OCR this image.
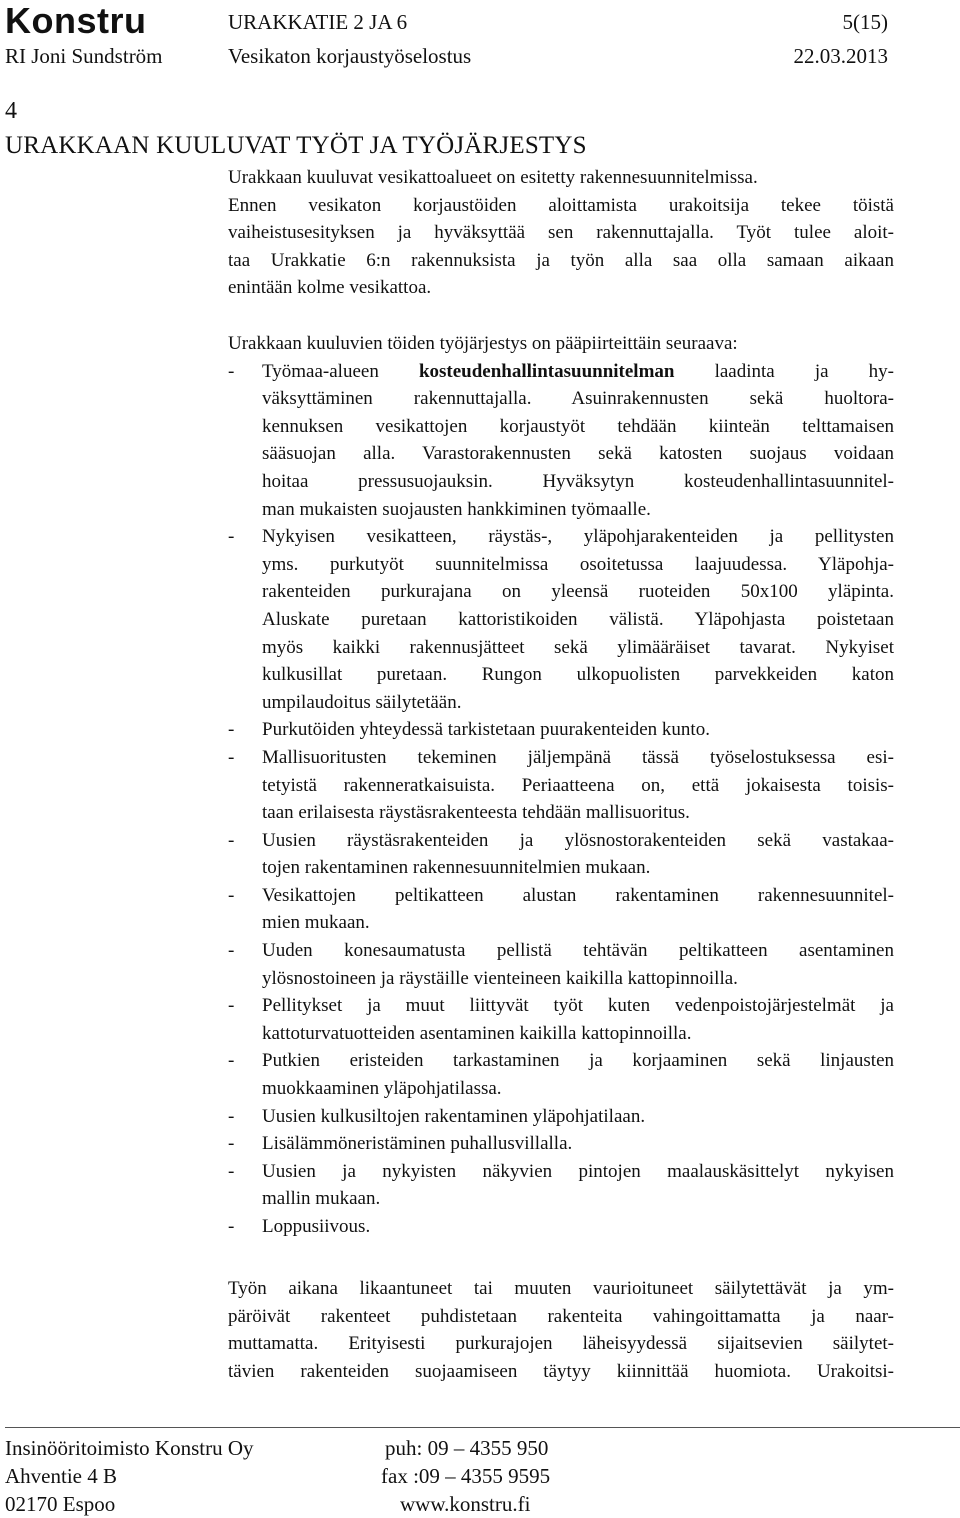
Konstru	URAKKATIE 2 JA 6	5(15)
RI Joni Sundström	Vesikaton korjaustyöselostus	22.03.2013
4
URAKKAAN KUULUVAT TYÖT JA TYÖJÄRJESTYS
Urakkaan kuuluvat vesikattoalueet on esitetty rakennesuunnitelmissa.
Ennen vesikaton korjaustöiden aloittamista urakoitsija tekee töistä
vaiheistusesityksen ja hyväksyttää sen rakennuttajalla. Työt tulee aloit-
taa Urakkatie 6:n rakennuksista ja työn alla saa olla samaan aikaan
enintään kolme vesikattoa.
Urakkaan kuuluvien töiden työjärjestys on pääpiirteittäin seuraava:
- Työmaa-alueen kosteudenhallintasuunnitelman laadinta ja hy-
väksyttäminen rakennuttajalla. Asuinrakennusten sekä huoltora-
kennuksen vesikattojen korjaustyöt tehdään kiinteän telttamaisen
sääsuojan alla. Varastorakennusten sekä katosten suojaus voidaan
hoitaa pressusuojauksin. Hyväksytyn kosteudenhallintasuunnitel-
man mukaisten suojausten hankkiminen työmaalle.
- Nykyisen vesikatteen, räystäs-, yläpohjarakenteiden ja pellitysten
yms. purkutyöt suunnitelmissa osoitetussa laajuudessa. Yläpohja-
rakenteiden purkurajana on yleensä ruoteiden 50x100 yläpinta.
Aluskate puretaan kattoristikoiden välistä. Yläpohjasta poistetaan
myös kaikki rakennusjätteet sekä ylimääräiset tavarat. Nykyiset
kulkusillat puretaan. Rungon ulkopuolisten parvekkeiden katon
umpilaudoitus säilytetään.
- Purkutöiden yhteydessä tarkistetaan puurakenteiden kunto.
- Mallisuoritusten tekeminen jäljempänä tässä työselostuksessa esi-
tetyistä rakenneratkaisuista. Periaatteena on, että jokaisesta toisis-
taan erilaisesta räystäsrakenteesta tehdään mallisuoritus.
- Uusien räystäsrakenteiden ja ylösnostorakenteiden sekä vastakaa-
tojen rakentaminen rakennesuunnitelmien mukaan.
- Vesikattojen peltikatteen alustan rakentaminen rakennesuunnitel-
mien mukaan.
- Uuden konesaumatusta pellistä tehtävän peltikatteen asentaminen
ylösnostoineen ja räystäille vienteineen kaikilla kattopinnoilla.
- Pellitykset ja muut liittyvät työt kuten vedenpoistojärjestelmät ja
kattoturvatuotteiden asentaminen kaikilla kattopinnoilla.
- Putkien eristeiden tarkastaminen ja korjaaminen sekä linjausten
muokkaaminen yläpohjatilassa.
- Uusien kulkusiltojen rakentaminen yläpohjatilaan.
- Lisälämmöneristäminen puhallusvillalla.
- Uusien ja nykyisten näkyvien pintojen maalauskäsittelyt nykyisen
mallin mukaan.
- Loppusiivous.
Työn aikana likaantuneet tai muuten vaurioituneet säilytettävät ja ym-
päröivät rakenteet puhdistetaan rakenteita vahingoittamatta ja naar-
muttamatta. Erityisesti purkurajojen läheisyydessä sijaitsevien säilytet-
tävien rakenteiden suojaamiseen täytyy kiinnittää huomiota. Urakoitsi-
Insinööritoimisto Konstru Oy
Ahventie 4 B
02170 Espoo
puh: 09 – 4355 950
fax :09 – 4355 9595
www.konstru.fi
